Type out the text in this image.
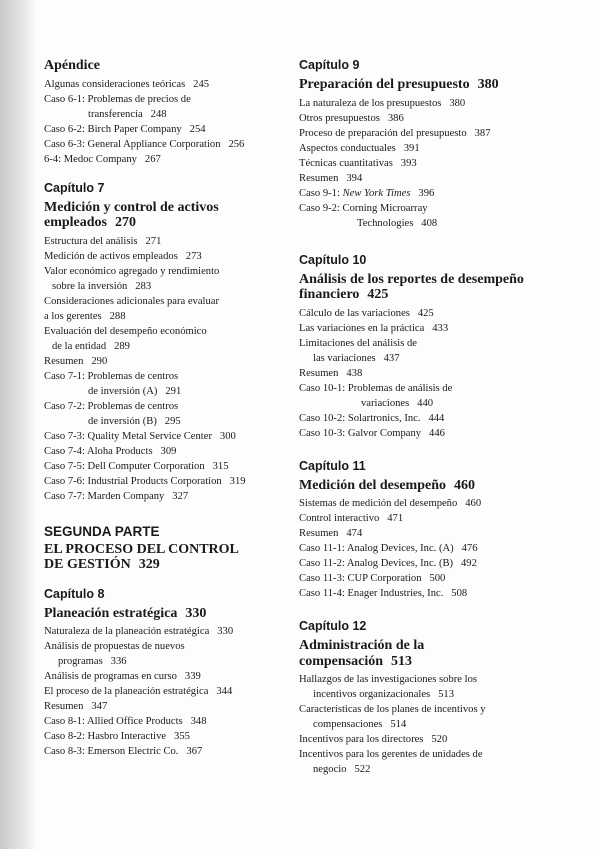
Apéndice
Algunas consideraciones teóricas   245
Caso 6-1: Problemas de precios de
transferencia   248
Caso 6-2: Birch Paper Company   254
Caso 6-3: General Appliance Corporation   256
6-4: Medoc Company   267
Capítulo 7
Medición y control de activos
empleados 270
Estructura del análisis   271
Medición de activos empleados   273
Valor económico agregado y rendimiento
sobre la inversión   283
Consideraciones adicionales para evaluar
a los gerentes   288
Evaluación del desempeño económico
de la entidad   289
Resumen   290
Caso 7-1: Problemas de centros
de inversión (A)   291
Caso 7-2: Problemas de centros
de inversión (B)   295
Caso 7-3: Quality Metal Service Center   300
Caso 7-4: Aloha Products   309
Caso 7-5: Dell Computer Corporation   315
Caso 7-6: Industrial Products Corporation   319
Caso 7-7: Marden Company   327
SEGUNDA PARTE
EL PROCESO DEL CONTROL
DE GESTIÓN 329
Capítulo 8
Planeación estratégica 330
Naturaleza de la planeación estratégica   330
Análisis de propuestas de nuevos
programas   336
Análisis de programas en curso   339
El proceso de la planeación estratégica   344
Resumen   347
Caso 8-1: Allied Office Products   348
Caso 8-2: Hasbro Interactive   355
Caso 8-3: Emerson Electric Co.   367
Capítulo 9
Preparación del presupuesto 380
La naturaleza de los presupuestos   380
Otros presupuestos   386
Proceso de preparación del presupuesto   387
Aspectos conductuales   391
Técnicas cuantitativas   393
Resumen   394
Caso 9-1: New York Times   396
Caso 9-2: Corning Microarray
Technologies   408
Capítulo 10
Análisis de los reportes de desempeño
financiero 425
Cálculo de las variaciones   425
Las variaciones en la práctica   433
Limitaciones del análisis de
las variaciones   437
Resumen   438
Caso 10-1: Problemas de análisis de
variaciones   440
Caso 10-2: Solartronics, Inc.   444
Caso 10-3: Galvor Company   446
Capítulo 11
Medición del desempeño 460
Sistemas de medición del desempeño   460
Control interactivo   471
Resumen   474
Caso 11-1: Analog Devices, Inc. (A)   476
Caso 11-2: Analog Devices, Inc. (B)   492
Caso 11-3: CUP Corporation   500
Caso 11-4: Enager Industries, Inc.   508
Capítulo 12
Administración de la
compensación 513
Hallazgos de las investigaciones sobre los
incentivos organizacionales   513
Características de los planes de incentivos y
compensaciones   514
Incentivos para los directores   520
Incentivos para los gerentes de unidades de
negocio   522
